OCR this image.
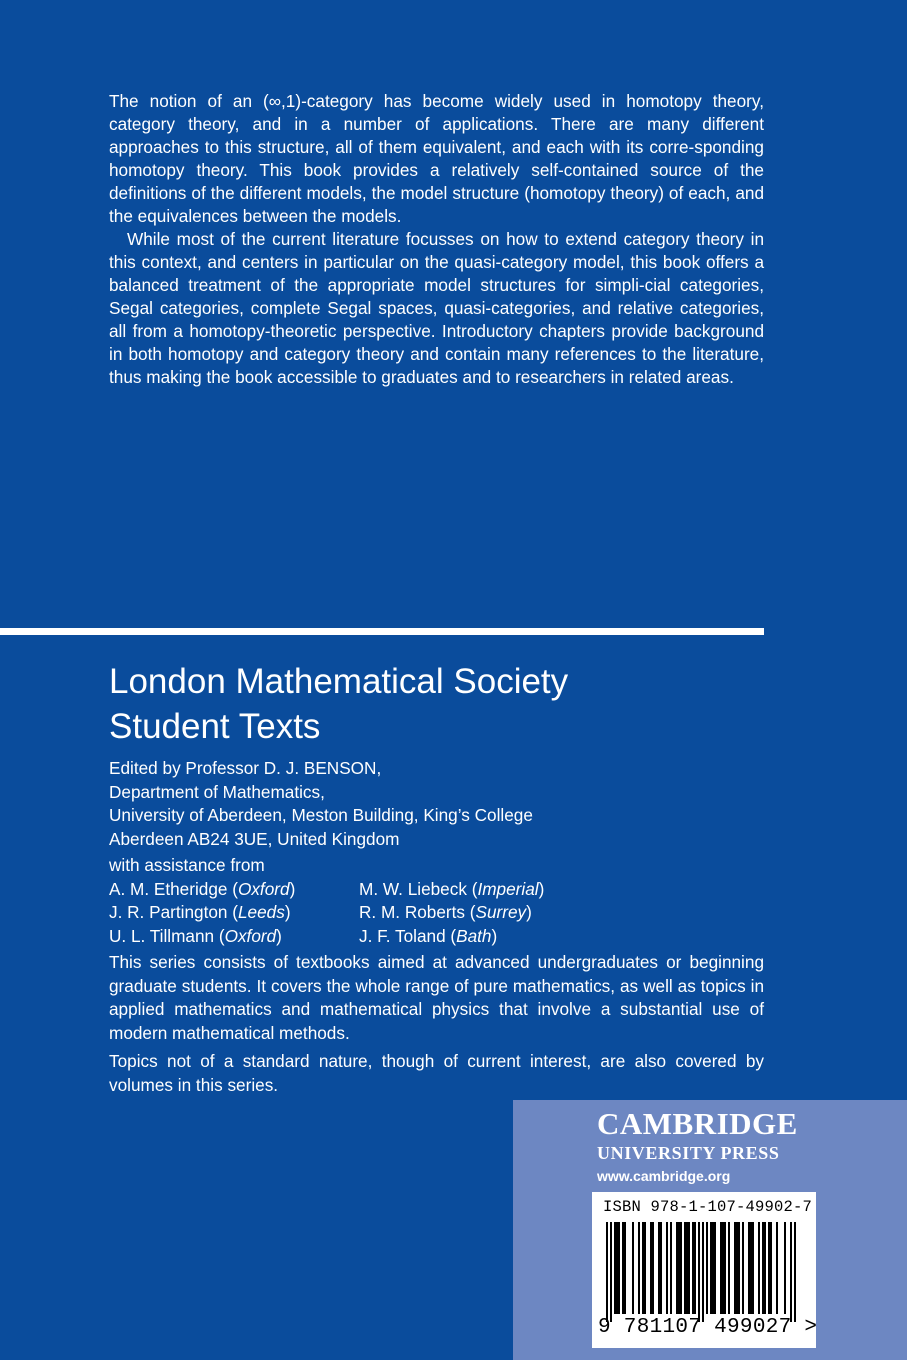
The notion of an (∞,1)-category has become widely used in homotopy theory, category theory, and in a number of applications. There are many different approaches to this structure, all of them equivalent, and each with its corre-sponding homotopy theory. This book provides a relatively self-contained source of the definitions of the different models, the model structure (homotopy theory) of each, and the equivalences between the models.

While most of the current literature focusses on how to extend category theory in this context, and centers in particular on the quasi-category model, this book offers a balanced treatment of the appropriate model structures for simpli-cial categories, Segal categories, complete Segal spaces, quasi-categories, and relative categories, all from a homotopy-theoretic perspective. Introductory chapters provide background in both homotopy and category theory and contain many references to the literature, thus making the book accessible to graduates and to researchers in related areas.

London Mathematical Society
Student Texts
Edited by Professor D. J. BENSON,
Department of Mathematics,
University of Aberdeen, Meston Building, King’s College
Aberdeen AB24 3UE, United Kingdom
with assistance from
A. M. Etheridge (Oxford)	M. W. Liebeck (Imperial)
J. R. Partington (Leeds)	R. M. Roberts (Surrey)
U. L. Tillmann (Oxford)	J. F. Toland (Bath)

This series consists of textbooks aimed at advanced undergraduates or beginning graduate students. It covers the whole range of pure mathematics, as well as topics in applied mathematics and mathematical physics that involve a substantial use of modern mathematical methods.

Topics not of a standard nature, though of current interest, are also covered by volumes in this series.

CAMBRIDGE
UNIVERSITY PRESS
www.cambridge.org
ISBN 978-1-107-49902-7
9 781107 499027 >
